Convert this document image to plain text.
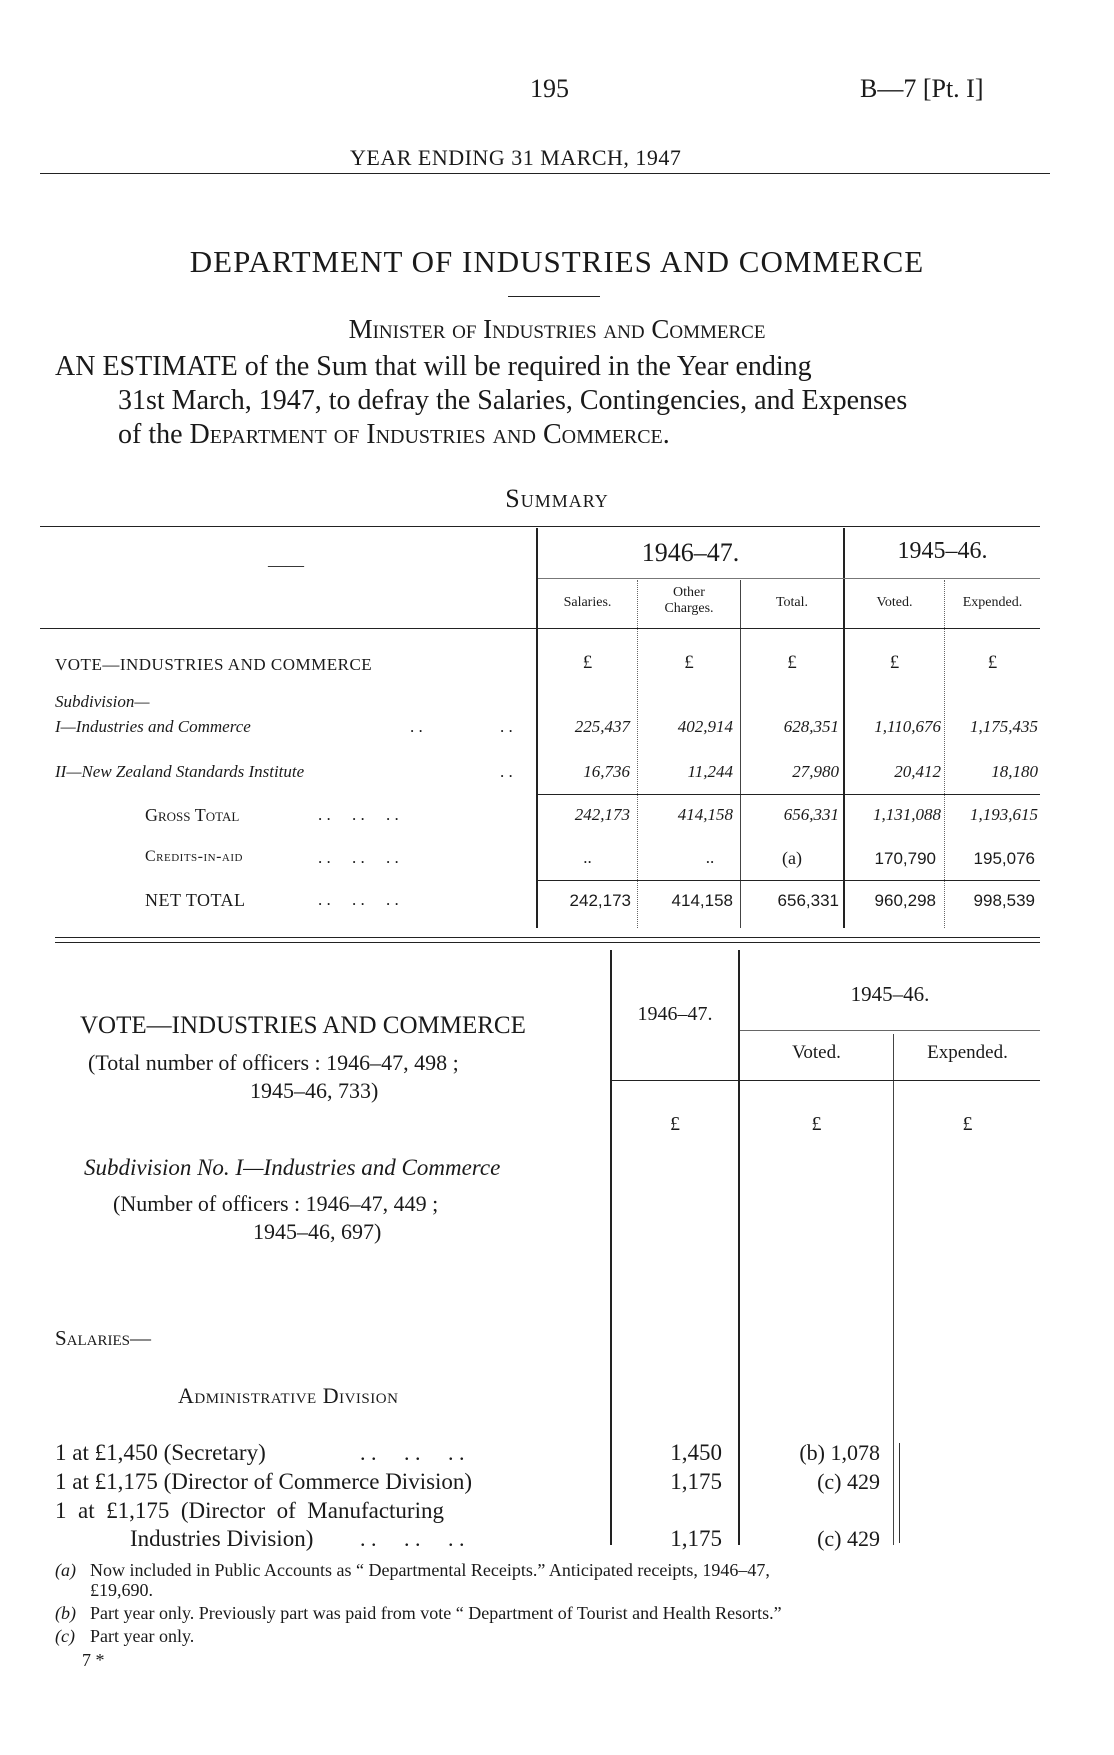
195	B—7 [Pt. I]
YEAR ENDING 31 MARCH, 1947
DEPARTMENT OF INDUSTRIES AND COMMERCE
Minister of Industries and Commerce
AN ESTIMATE of the Sum that will be required in the Year ending
31st March, 1947, to defray the Salaries, Contingencies, and Expenses
of the Department of Industries and Commerce.
Summary
——	1946–47.	1945–46.
Salaries.
Other
Charges.	Total.	Voted.	Expended.
VOTE—INDUSTRIES AND COMMERCE	£	£	£	£	£
Subdivision—
I—Industries and Commerce	. .	. .	225,437	402,914	628,351	1,110,676	1,175,435
II—New Zealand Standards Institute	. .	16,736	11,244	27,980	20,412	18,180
Gross Total	. .     . .     . .	242,173	414,158	656,331	1,131,088	1,193,615
Credits-in-aid	. .     . .     . .	..	..	(a)	170,790	195,076
NET TOTAL	. .     . .     . .	242,173	414,158	656,331	960,298	998,539
1946–47.
1945–46.
Voted.	Expended.
£	£	£
VOTE—INDUSTRIES AND COMMERCE
(Total number of officers : 1946–47, 498 ;
1945–46, 733)
Subdivision No. I—Industries and Commerce
(Number of officers : 1946–47, 449 ;
1945–46, 697)
Salaries—
Administrative Division
1 at £1,450 (Secretary)	. .     . .     . .	1,450	(b) 1,078
1 at £1,175 (Director of Commerce Division)	1,175	(c) 429
1  at  £1,175  (Director  of  Manufacturing
Industries Division) . .     . .     . .	1,175	(c) 429
(a) Now included in Public Accounts as “ Departmental Receipts.” Anticipated receipts, 1946–47,
£19,690.
(b) Part year only. Previously part was paid from vote “ Department of Tourist and Health Resorts.”
(c) Part year only.
7 *
